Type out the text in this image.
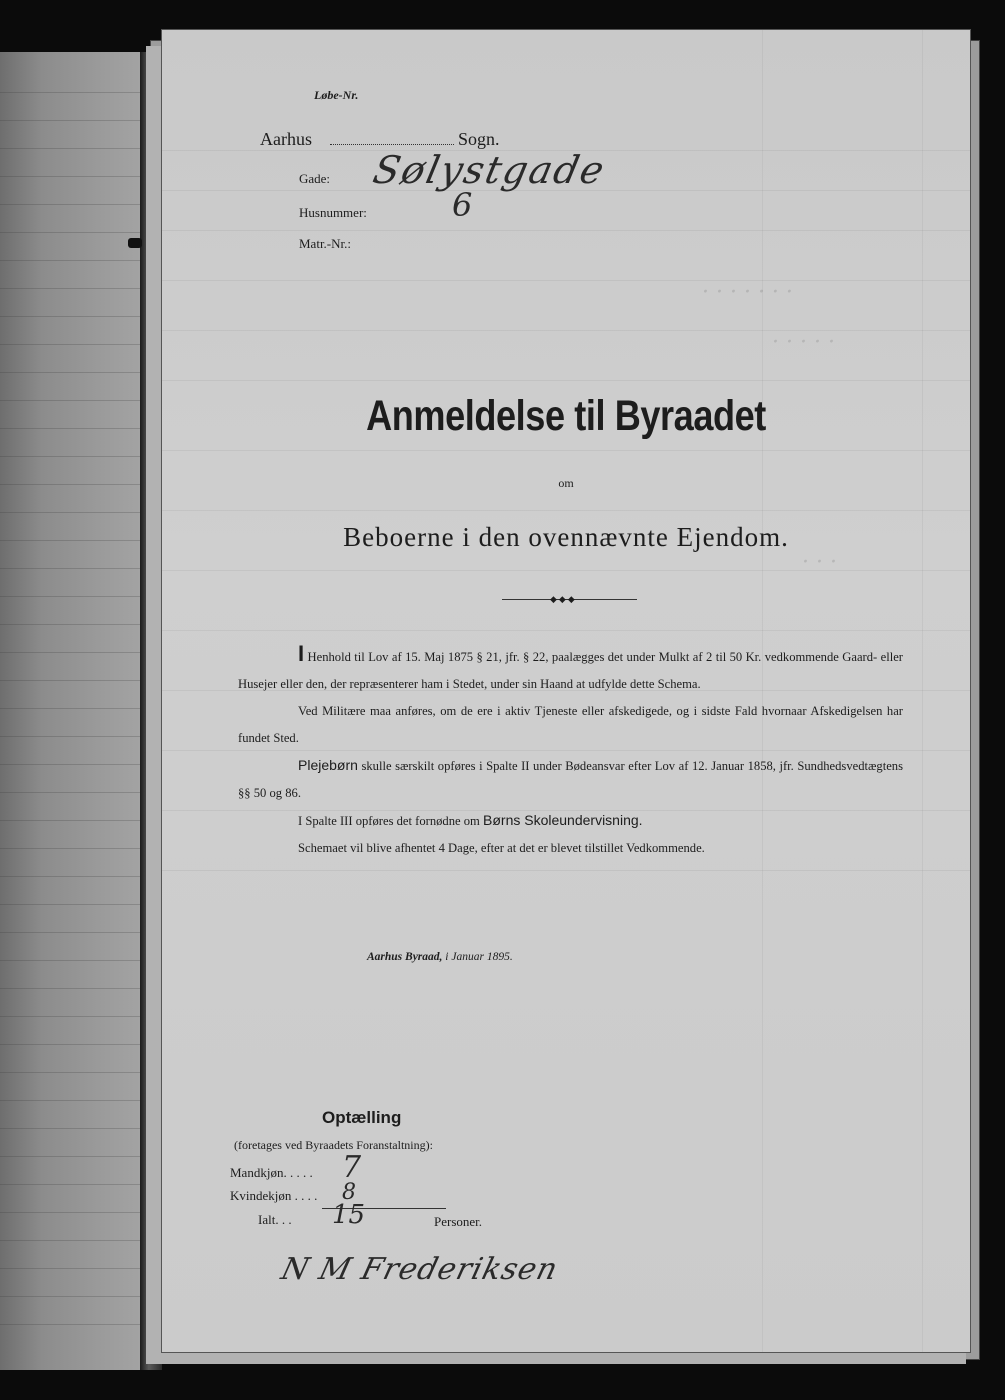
· · · · · · ·
· · · · ·
· · ·

Løbe-Nr.

Aarhus	Sogn.

Gade: Sølystgade

Husnummer:	6

Matr.-Nr.:

Anmeldelse til Byraadet

om

Beboerne i den ovennævnte Ejendom.
◆◆◆

I Henhold til Lov af 15. Maj 1875 § 21, jfr. § 22, paalægges det under Mulkt af 2 til 50 Kr. vedkommende Gaard- eller Husejer eller den, der repræsenterer ham i Stedet, under sin Haand at udfylde dette Schema.

Ved Militære maa anføres, om de ere i aktiv Tjeneste eller afskedigede, og i sidste Fald hvornaar Afskedigelsen har fundet Sted.

Plejebørn skulle særskilt opføres i Spalte II under Bødeansvar efter Lov af 12. Januar 1858, jfr. Sundhedsvedtægtens §§ 50 og 86.

I Spalte III opføres det fornødne om Børns Skoleundervisning.

Schemaet vil blive afhentet 4 Dage, efter at det er blevet tilstillet Vedkommende.

Aarhus Byraad, i Januar 1895.

Optælling

(foretages ved Byraadets Foranstaltning):

Mandkjøn. . . . . 7

Kvindekjøn . . . . 8

Ialt. . . 15	Personer.

N M Frederiksen
